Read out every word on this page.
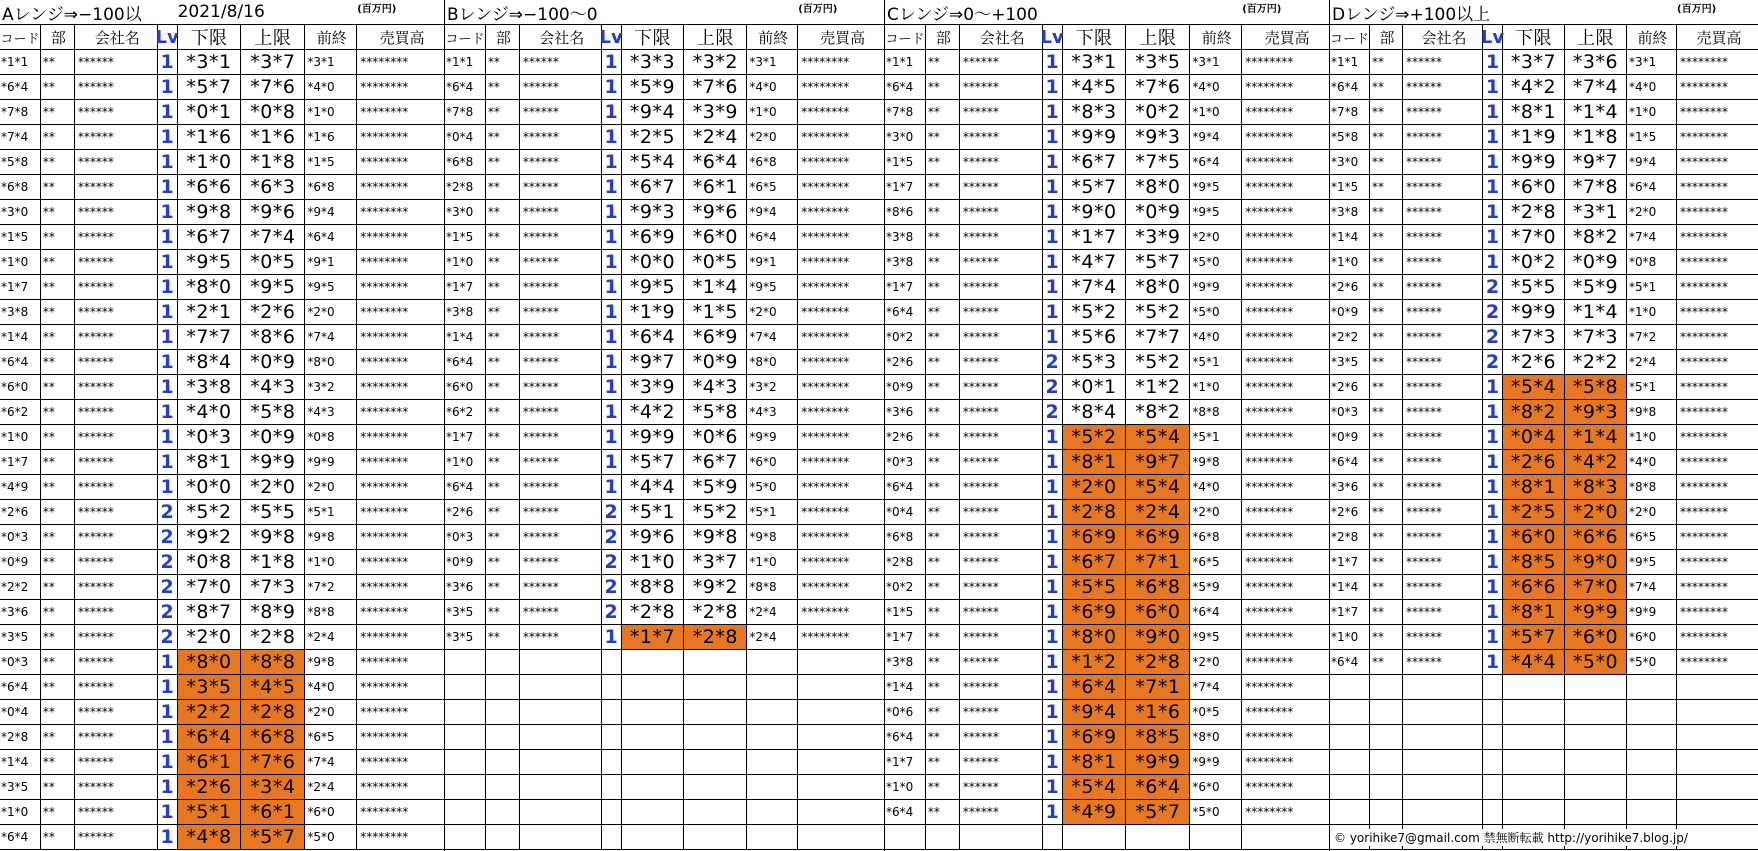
Aレンジ⇒−100以	2021/8/16	(百万円)
コード 部	会社名 Lv 下限	上限	前終	売買高
*1*1	**	******	1 *3*1 *3*7 *3*1	********
*6*4	**	******	1 *5*7 *7*6 *4*0	********
*7*8	**	******	1 *0*1 *0*8 *1*0	********
*7*4	**	******	1 *1*6 *1*6 *1*6	********
*5*8	**	******	1 *1*0 *1*8 *1*5	********
*6*8	**	******	1 *6*6 *6*3 *6*8	********
*3*0	**	******	1 *9*8 *9*6 *9*4	********
*1*5	**	******	1 *6*7 *7*4 *6*4	********
*1*0	**	******	1 *9*5 *0*5 *9*1	********
*1*7	**	******	1 *8*0 *9*5 *9*5	********
*3*8	**	******	1 *2*1 *2*6 *2*0	********
*1*4	**	******	1 *7*7 *8*6 *7*4	********
*6*4	**	******	1 *8*4 *0*9 *8*0	********
*6*0	**	******	1 *3*8 *4*3 *3*2	********
*6*2	**	******	1 *4*0 *5*8 *4*3	********
*1*0	**	******	1 *0*3 *0*9 *0*8	********
*1*7	**	******	1 *8*1 *9*9 *9*9	********
*4*9	**	******	1 *0*0 *2*0 *2*0	********
*2*6	**	******	2 *5*2 *5*5 *5*1	********
*0*3	**	******	2 *9*2 *9*8 *9*8	********
*0*9	**	******	2 *0*8 *1*8 *1*0	********
*2*2	**	******	2 *7*0 *7*3 *7*2	********
*3*6	**	******	2 *8*7 *8*9 *8*8	********
*3*5	**	******	2 *2*0 *2*8 *2*4	********
*0*3	**	******	1 *8*0 *8*8 *9*8	********
*6*4	**	******	1 *3*5 *4*5 *4*0	********
*0*4	**	******	1 *2*2 *2*8 *2*0	********
*2*8	**	******	1 *6*4 *6*8 *6*5	********
*1*4	**	******	1 *6*1 *7*6 *7*4	********
*3*5	**	******	1 *2*6 *3*4 *2*4	********
*1*0	**	******	1 *5*1 *6*1 *6*0	********
*6*4	**	******	1 *4*8 *5*7 *5*0	********
Bレンジ⇒−100～0	(百万円)
コード 部	会社名 Lv 下限	上限	前終	売買高
*1*1	**	******	1 *3*3 *3*2 *3*1	********
*6*4	**	******	1 *5*9 *7*6 *4*0	********
*7*8	**	******	1 *9*4 *3*9 *1*0	********
*0*4	**	******	1 *2*5 *2*4 *2*0	********
*6*8	**	******	1 *5*4 *6*4 *6*8	********
*2*8	**	******	1 *6*7 *6*1 *6*5	********
*3*0	**	******	1 *9*3 *9*6 *9*4	********
*1*5	**	******	1 *6*9 *6*0 *6*4	********
*1*0	**	******	1 *0*0 *0*5 *9*1	********
*1*7	**	******	1 *9*5 *1*4 *9*5	********
*3*8	**	******	1 *1*9 *1*5 *2*0	********
*1*4	**	******	1 *6*4 *6*9 *7*4	********
*6*4	**	******	1 *9*7 *0*9 *8*0	********
*6*0	**	******	1 *3*9 *4*3 *3*2	********
*6*2	**	******	1 *4*2 *5*8 *4*3	********
*1*7	**	******	1 *9*9 *0*6 *9*9	********
*1*0	**	******	1 *5*7 *6*7 *6*0	********
*6*4	**	******	1 *4*4 *5*9 *5*0	********
*2*6	**	******	2 *5*1 *5*2 *5*1	********
*0*3	**	******	2 *9*6 *9*8 *9*8	********
*0*9	**	******	2 *1*0 *3*7 *1*0	********
*3*6	**	******	2 *8*8 *9*2 *8*8	********
*3*5	**	******	2 *2*8 *2*8 *2*4	********
*3*5	**	******	1 *1*7 *2*8 *2*4	********
Cレンジ⇒0～+100	(百万円)
コード 部	会社名 Lv 下限	上限	前終	売買高
*1*1	**	******	1 *3*1 *3*5 *3*1	********
*6*4	**	******	1 *4*5 *7*6 *4*0	********
*7*8	**	******	1 *8*3 *0*2 *1*0	********
*3*0	**	******	1 *9*9 *9*3 *9*4	********
*1*5	**	******	1 *6*7 *7*5 *6*4	********
*1*7	**	******	1 *5*7 *8*0 *9*5	********
*8*6	**	******	1 *9*0 *0*9 *9*5	********
*3*8	**	******	1 *1*7 *3*9 *2*0	********
*3*8	**	******	1 *4*7 *5*7 *5*0	********
*1*7	**	******	1 *7*4 *8*0 *9*9	********
*6*4	**	******	1 *5*2 *5*2 *5*0	********
*0*2	**	******	1 *5*6 *7*7 *4*0	********
*2*6	**	******	2 *5*3 *5*2 *5*1	********
*0*9	**	******	2 *0*1 *1*2 *1*0	********
*3*6	**	******	2 *8*4 *8*2 *8*8	********
*2*6	**	******	1 *5*2 *5*4 *5*1	********
*0*3	**	******	1 *8*1 *9*7 *9*8	********
*6*4	**	******	1 *2*0 *5*4 *4*0	********
*0*4	**	******	1 *2*8 *2*4 *2*0	********
*6*8	**	******	1 *6*9 *6*9 *6*8	********
*2*8	**	******	1 *6*7 *7*1 *6*5	********
*0*2	**	******	1 *5*5 *6*8 *5*9	********
*1*5	**	******	1 *6*9 *6*0 *6*4	********
*1*7	**	******	1 *8*0 *9*0 *9*5	********
*3*8	**	******	1 *1*2 *2*8 *2*0	********
*1*4	**	******	1 *6*4 *7*1 *7*4	********
*0*6	**	******	1 *9*4 *1*6 *0*5	********
*6*4	**	******	1 *6*9 *8*5 *8*0	********
*1*7	**	******	1 *8*1 *9*9 *9*9	********
*1*0	**	******	1 *5*4 *6*4 *6*0	********
*6*4	**	******	1 *4*9 *5*7 *5*0	********
Dレンジ⇒+100以上	(百万円)
コード 部	会社名 Lv 下限	上限	前終	売買高
*1*1	**	******	1 *3*7 *3*6 *3*1	********
*6*4	**	******	1 *4*2 *7*4 *4*0	********
*7*8	**	******	1 *8*1 *1*4 *1*0	********
*5*8	**	******	1 *1*9 *1*8 *1*5	********
*3*0	**	******	1 *9*9 *9*7 *9*4	********
*1*5	**	******	1 *6*0 *7*8 *6*4	********
*3*8	**	******	1 *2*8 *3*1 *2*0	********
*1*4	**	******	1 *7*0 *8*2 *7*4	********
*1*0	**	******	1 *0*2 *0*9 *0*8	********
*2*6	**	******	2 *5*5 *5*9 *5*1	********
*0*9	**	******	2 *9*9 *1*4 *1*0	********
*2*2	**	******	2 *7*3 *7*3 *7*2	********
*3*5	**	******	2 *2*6 *2*2 *2*4	********
*2*6	**	******	1 *5*4 *5*8 *5*1	********
*0*3	**	******	1 *8*2 *9*3 *9*8	********
*0*9	**	******	1 *0*4 *1*4 *1*0	********
*6*4	**	******	1 *2*6 *4*2 *4*0	********
*3*6	**	******	1 *8*1 *8*3 *8*8	********
*2*6	**	******	1 *2*5 *2*0 *2*0	********
*2*8	**	******	1 *6*0 *6*6 *6*5	********
*1*7	**	******	1 *8*5 *9*0 *9*5	********
*1*4	**	******	1 *6*6 *7*0 *7*4	********
*1*7	**	******	1 *8*1 *9*9 *9*9	********
*1*0	**	******	1 *5*7 *6*0 *6*0	********
*6*4	**	******	1 *4*4 *5*0 *5*0	********
© yorihike7@gmail.com 禁無断転載 http://yorihike7.blog.jp/
